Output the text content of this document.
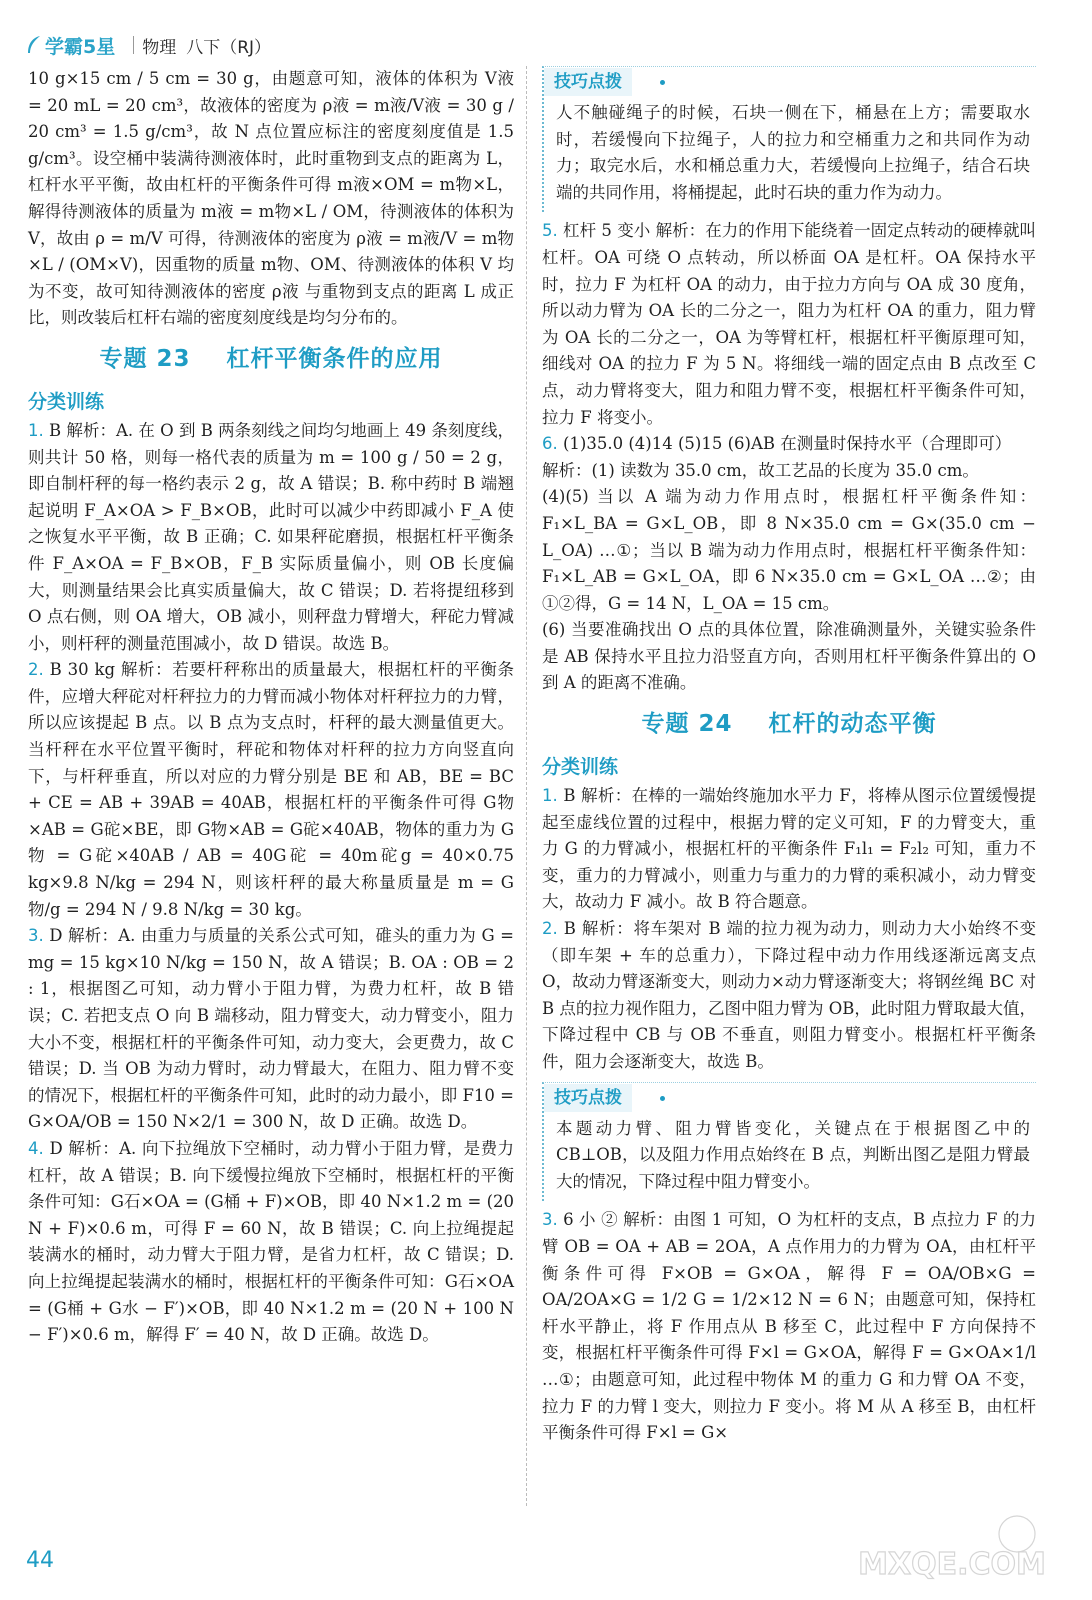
学霸5星 物理 八下（RJ）

10 g×15 cm / 5 cm = 30 g，由题意可知，液体的体积为 V液 = 20 mL = 20 cm³，故液体的密度为 ρ液 = m液/V液 = 30 g / 20 cm³ = 1.5 g/cm³，故 N 点位置应标注的密度刻度值是 1.5 g/cm³。设空桶中装满待测液体时，此时重物到支点的距离为 L，杠杆水平平衡，故由杠杆的平衡条件可得 m液×OM = m物×L，解得待测液体的质量为 m液 = m物×L / OM，待测液体的体积为 V，故由 ρ = m/V 可得，待测液体的密度为 ρ液 = m液/V = m物×L / (OM×V)，因重物的质量 m物、OM、待测液体的体积 V 均为不变，故可知待测液体的密度 ρ液 与重物到支点的距离 L 成正比，则改装后杠杆右端的密度刻度线是均匀分布的。

专题 23 杠杆平衡条件的应用
分类训练

1. B 解析：A. 在 O 到 B 两条刻线之间均匀地画上 49 条刻度线，则共计 50 格，则每一格代表的质量为 m = 100 g / 50 = 2 g，即自制杆秤的每一格约表示 2 g，故 A 错误；B. 称中药时 B 端翘起说明 F_A×OA > F_B×OB，此时可以减少中药即减小 F_A 使之恢复水平平衡，故 B 正确；C. 如果秤砣磨损，根据杠杆平衡条件 F_A×OA = F_B×OB，F_B 实际质量偏小，则 OB 长度偏大，则测量结果会比真实质量偏大，故 C 错误；D. 若将提纽移到 O 点右侧，则 OA 增大，OB 减小，则秤盘力臂增大，秤砣力臂减小，则杆秤的测量范围减小，故 D 错误。故选 B。

2. B 30 kg 解析：若要杆秤称出的质量最大，根据杠杆的平衡条件，应增大秤砣对杆秤拉力的力臂而减小物体对杆秤拉力的力臂，所以应该提起 B 点。以 B 点为支点时，杆秤的最大测量值更大。当杆秤在水平位置平衡时，秤砣和物体对杆秤的拉力方向竖直向下，与杆秤垂直，所以对应的力臂分别是 BE 和 AB，BE = BC + CE = AB + 39AB = 40AB，根据杠杆的平衡条件可得 G物×AB = G砣×BE，即 G物×AB = G砣×40AB，物体的重力为 G物 = G砣×40AB / AB = 40G砣 = 40m砣g = 40×0.75 kg×9.8 N/kg = 294 N，则该杆秤的最大称量质量是 m = G物/g = 294 N / 9.8 N/kg = 30 kg。

3. D 解析：A. 由重力与质量的关系公式可知，碓头的重力为 G = mg = 15 kg×10 N/kg = 150 N，故 A 错误；B. OA : OB = 2 : 1，根据图乙可知，动力臂小于阻力臂，为费力杠杆，故 B 错误；C. 若把支点 O 向 B 端移动，阻力臂变大，动力臂变小，阻力大小不变，根据杠杆的平衡条件可知，动力变大，会更费力，故 C 错误；D. 当 OB 为动力臂时，动力臂最大，在阻力、阻力臂不变的情况下，根据杠杆的平衡条件可知，此时的动力最小，即 F10 = G×OA/OB = 150 N×2/1 = 300 N，故 D 正确。故选 D。

4. D 解析：A. 向下拉绳放下空桶时，动力臂小于阻力臂，是费力杠杆，故 A 错误；B. 向下缓慢拉绳放下空桶时，根据杠杆的平衡条件可知：G石×OA = (G桶 + F)×OB，即 40 N×1.2 m = (20 N + F)×0.6 m，可得 F = 60 N，故 B 错误；C. 向上拉绳提起装满水的桶时，动力臂大于阻力臂，是省力杠杆，故 C 错误；D. 向上拉绳提起装满水的桶时，根据杠杆的平衡条件可知：G石×OA = (G桶 + G水 − F′)×OB，即 40 N×1.2 m = (20 N + 100 N − F′)×0.6 m，解得 F′ = 40 N，故 D 正确。故选 D。

技巧点拨

人不触碰绳子的时候，石块一侧在下，桶悬在上方；需要取水时，若缓慢向下拉绳子，人的拉力和空桶重力之和共同作为动力；取完水后，水和桶总重力大，若缓慢向上拉绳子，结合石块端的共同作用，将桶提起，此时石块的重力作为动力。

5. 杠杆 5 变小 解析：在力的作用下能绕着一固定点转动的硬棒就叫杠杆。OA 可绕 O 点转动，所以桥面 OA 是杠杆。OA 保持水平时，拉力 F 为杠杆 OA 的动力，由于拉力方向与 OA 成 30 度角，所以动力臂为 OA 长的二分之一，阻力为杠杆 OA 的重力，阻力臂为 OA 长的二分之一，OA 为等臂杠杆，根据杠杆平衡原理可知，细线对 OA 的拉力 F 为 5 N。将细线一端的固定点由 B 点改至 C 点，动力臂将变大，阻力和阻力臂不变，根据杠杆平衡条件可知，拉力 F 将变小。

6. (1)35.0 (4)14 (5)15 (6)AB 在测量时保持水平（合理即可）

解析：(1) 读数为 35.0 cm，故工艺品的长度为 35.0 cm。

(4)(5) 当以 A 端为动力作用点时，根据杠杆平衡条件知：F₁×L_BA = G×L_OB，即 8 N×35.0 cm = G×(35.0 cm − L_OA) …①；当以 B 端为动力作用点时，根据杠杆平衡条件知：F₁×L_AB = G×L_OA，即 6 N×35.0 cm = G×L_OA …②；由①②得，G = 14 N，L_OA = 15 cm。

(6) 当要准确找出 O 点的具体位置，除准确测量外，关键实验条件是 AB 保持水平且拉力沿竖直方向，否则用杠杆平衡条件算出的 O 到 A 的距离不准确。

专题 24 杠杆的动态平衡
分类训练

1. B 解析：在棒的一端始终施加水平力 F，将棒从图示位置缓慢提起至虚线位置的过程中，根据力臂的定义可知，F 的力臂变大，重力 G 的力臂减小，根据杠杆的平衡条件 F₁l₁ = F₂l₂ 可知，重力不变，重力的力臂减小，则重力与重力的力臂的乘积减小，动力臂变大，故动力 F 减小。故 B 符合题意。

2. B 解析：将车架对 B 端的拉力视为动力，则动力大小始终不变（即车架 + 车的总重力），下降过程中动力作用线逐渐远离支点 O，故动力臂逐渐变大，则动力×动力臂逐渐变大；将钢丝绳 BC 对 B 点的拉力视作阻力，乙图中阻力臂为 OB，此时阻力臂取最大值，下降过程中 CB 与 OB 不垂直，则阻力臂变小。根据杠杆平衡条件，阻力会逐渐变大，故选 B。

技巧点拨

本题动力臂、阻力臂皆变化，关键点在于根据图乙中的 CB⊥OB，以及阻力作用点始终在 B 点，判断出图乙是阻力臂最大的情况，下降过程中阻力臂变小。

3. 6 小 ② 解析：由图 1 可知，O 为杠杆的支点，B 点拉力 F 的力臂 OB = OA + AB = 2OA，A 点作用力的力臂为 OA，由杠杆平衡条件可得 F×OB = G×OA，解得 F = OA/OB×G = OA/2OA×G = 1/2 G = 1/2×12 N = 6 N；由题意可知，保持杠杆水平静止，将 F 作用点从 B 移至 C，此过程中 F 方向保持不变，根据杠杆平衡条件可得 F×l = G×OA，解得 F = G×OA×1/l …①；由题意可知，此过程中物体 M 的重力 G 和力臂 OA 不变，拉力 F 的力臂 l 变大，则拉力 F 变小。将 M 从 A 移至 B，由杠杆平衡条件可得 F×l = G×

44	MXQE.COM
